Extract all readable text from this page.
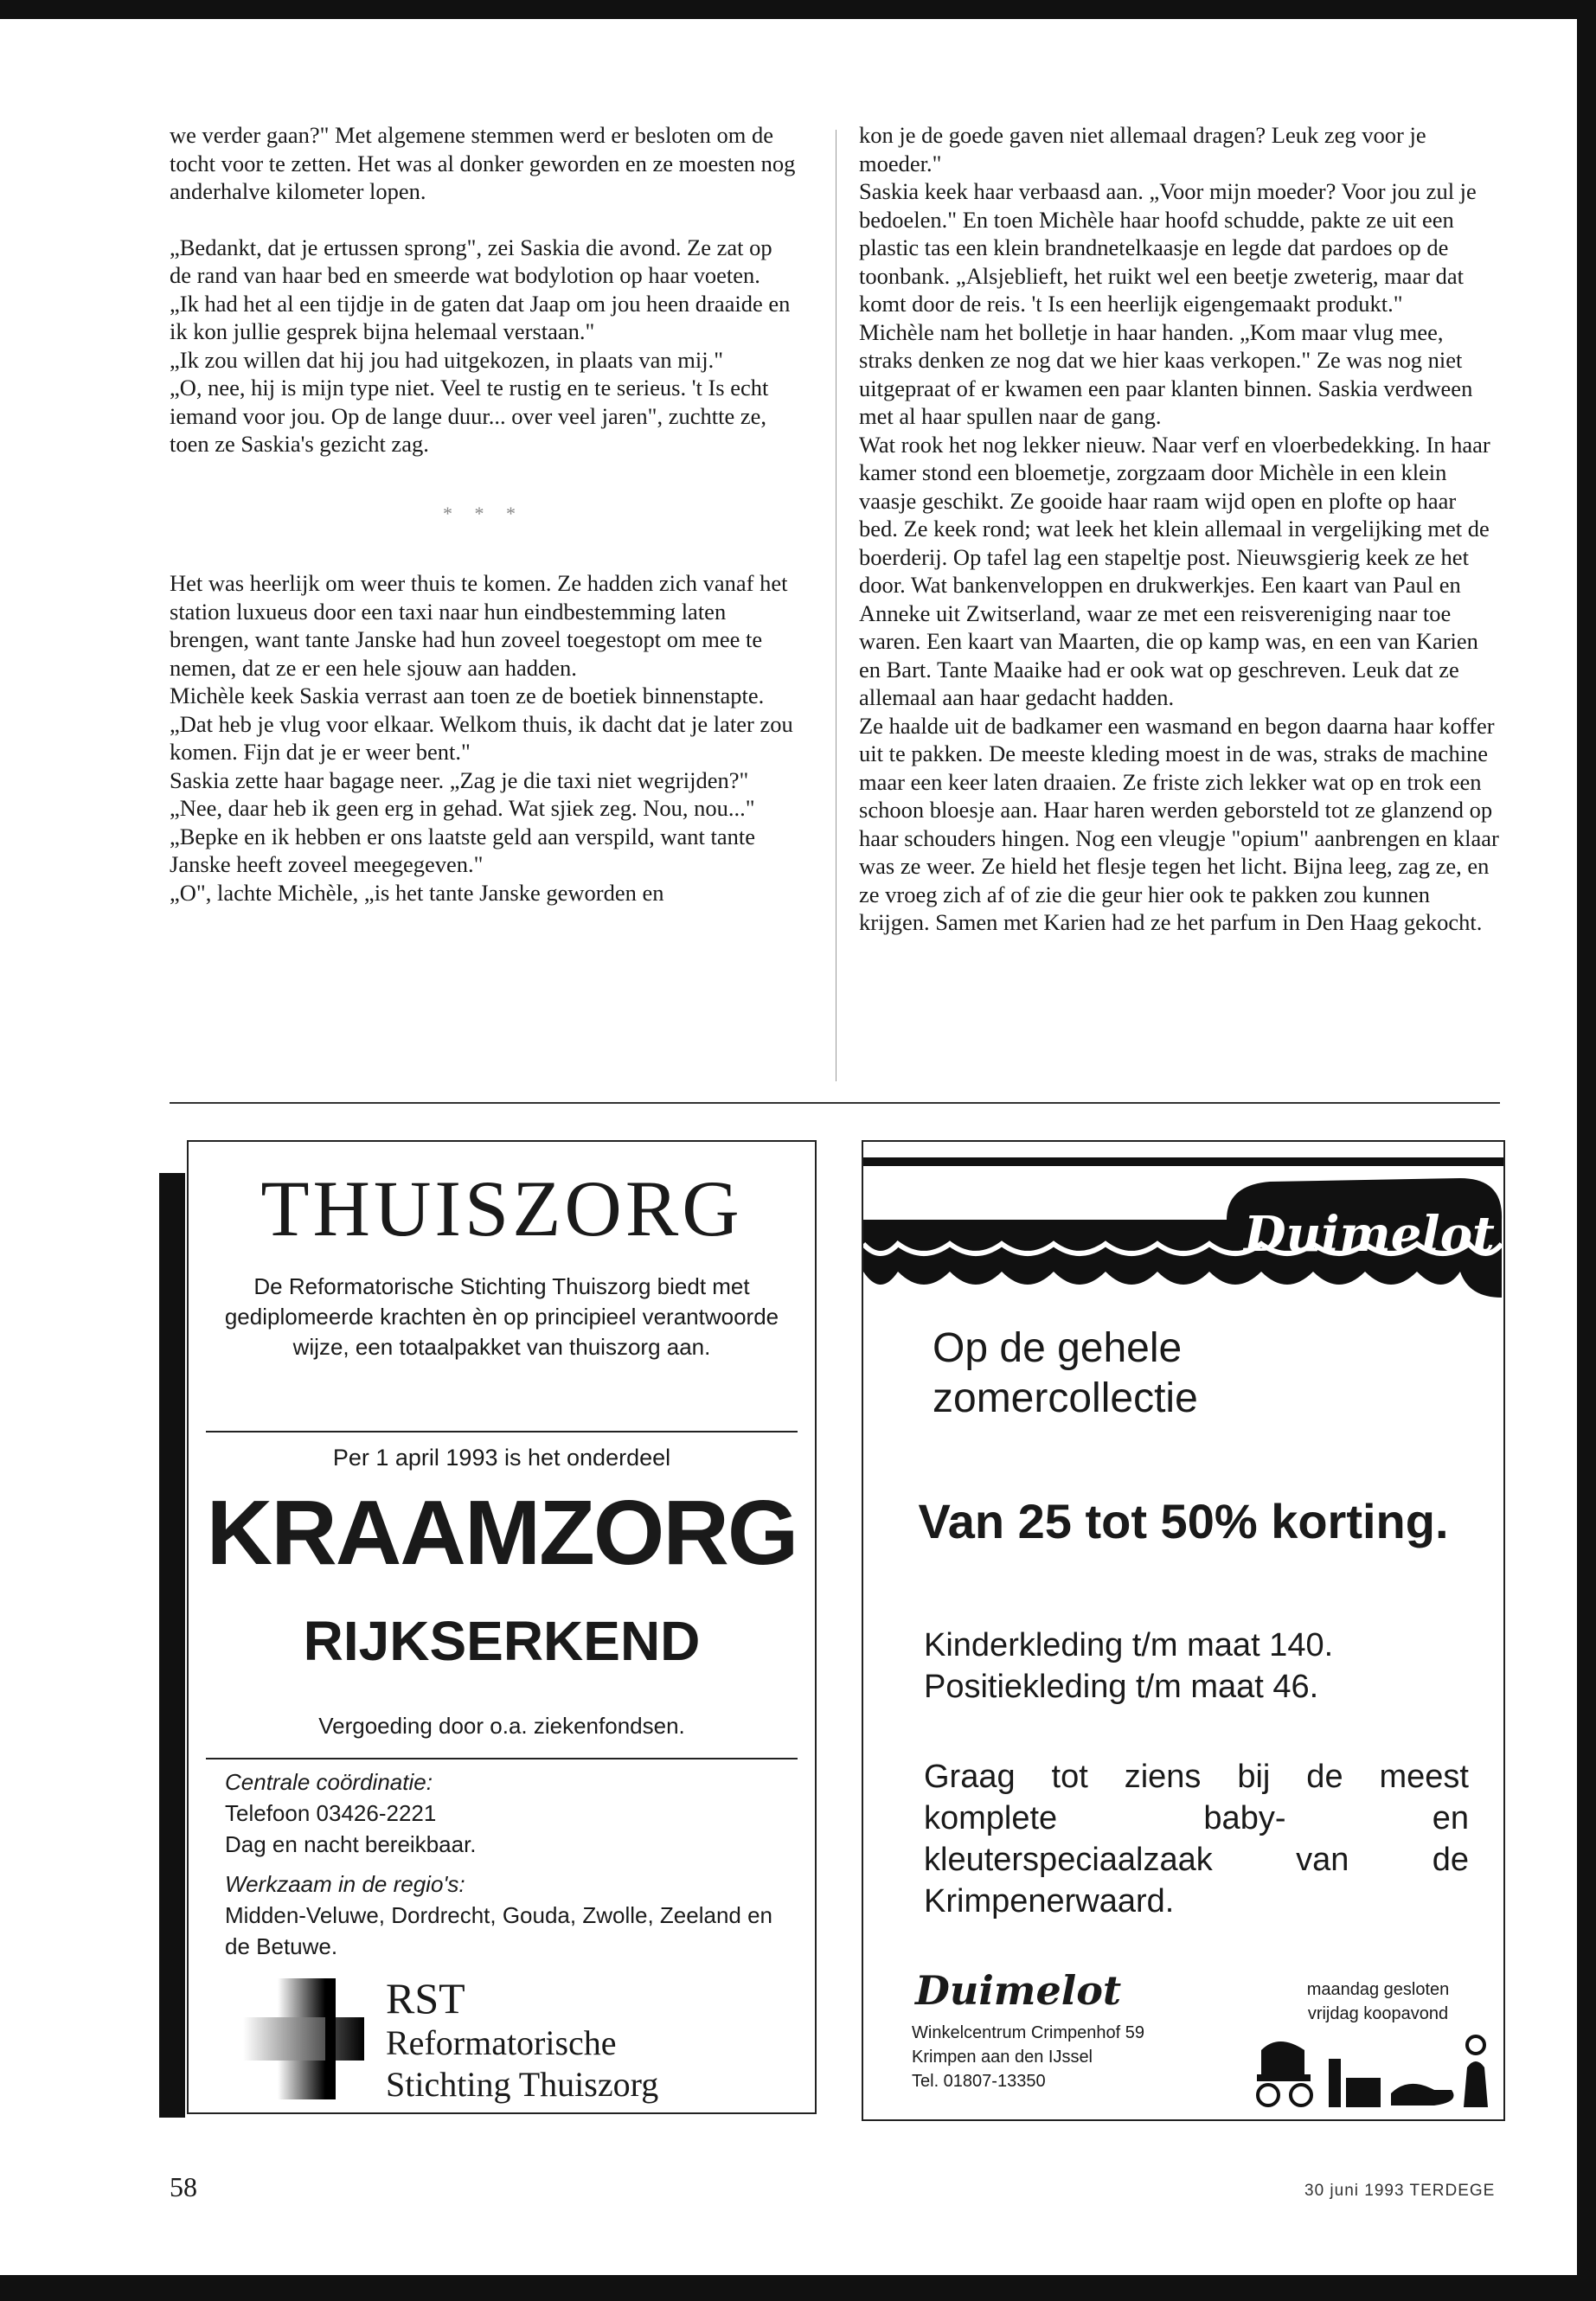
we verder gaan?" Met algemene stemmen werd er besloten om de tocht voor te zetten. Het was al donker geworden en ze moesten nog anderhalve kilometer lopen.

„Bedankt, dat je ertussen sprong", zei Saskia die avond. Ze zat op de rand van haar bed en smeerde wat bodylotion op haar voeten.

„Ik had het al een tijdje in de gaten dat Jaap om jou heen draaide en ik kon jullie gesprek bijna helemaal verstaan."

„Ik zou willen dat hij jou had uitgekozen, in plaats van mij."

„O, nee, hij is mijn type niet. Veel te rustig en te serieus. 't Is echt iemand voor jou. Op de lange duur... over veel jaren", zuchtte ze, toen ze Saskia's gezicht zag.

* * *

Het was heerlijk om weer thuis te komen. Ze hadden zich vanaf het station luxueus door een taxi naar hun eindbestemming laten brengen, want tante Janske had hun zoveel toegestopt om mee te nemen, dat ze er een hele sjouw aan hadden.

Michèle keek Saskia verrast aan toen ze de boetiek binnenstapte. „Dat heb je vlug voor elkaar. Welkom thuis, ik dacht dat je later zou komen. Fijn dat je er weer bent."

Saskia zette haar bagage neer. „Zag je die taxi niet wegrijden?"

„Nee, daar heb ik geen erg in gehad. Wat sjiek zeg. Nou, nou..."

„Bepke en ik hebben er ons laatste geld aan verspild, want tante Janske heeft zoveel meegegeven."

„O", lachte Michèle, „is het tante Janske geworden en

kon je de goede gaven niet allemaal dragen? Leuk zeg voor je moeder."

Saskia keek haar verbaasd aan. „Voor mijn moeder? Voor jou zul je bedoelen." En toen Michèle haar hoofd schudde, pakte ze uit een plastic tas een klein brandnetelkaasje en legde dat pardoes op de toonbank. „Alsjeblieft, het ruikt wel een beetje zweterig, maar dat komt door de reis. 't Is een heerlijk eigengemaakt produkt."

Michèle nam het bolletje in haar handen. „Kom maar vlug mee, straks denken ze nog dat we hier kaas verkopen." Ze was nog niet uitgepraat of er kwamen een paar klanten binnen. Saskia verdween met al haar spullen naar de gang.

Wat rook het nog lekker nieuw. Naar verf en vloerbedekking. In haar kamer stond een bloemetje, zorgzaam door Michèle in een klein vaasje geschikt. Ze gooide haar raam wijd open en plofte op haar bed. Ze keek rond; wat leek het klein allemaal in vergelijking met de boerderij. Op tafel lag een stapeltje post. Nieuwsgierig keek ze het door. Wat bankenveloppen en drukwerkjes. Een kaart van Paul en Anneke uit Zwitserland, waar ze met een reisvereniging naar toe waren. Een kaart van Maarten, die op kamp was, en een van Karien en Bart. Tante Maaike had er ook wat op geschreven. Leuk dat ze allemaal aan haar gedacht hadden.

Ze haalde uit de badkamer een wasmand en begon daarna haar koffer uit te pakken. De meeste kleding moest in de was, straks de machine maar een keer laten draaien. Ze friste zich lekker wat op en trok een schoon bloesje aan. Haar haren werden geborsteld tot ze glanzend op haar schouders hingen. Nog een vleugje "opium" aanbrengen en klaar was ze weer. Ze hield het flesje tegen het licht. Bijna leeg, zag ze, en ze vroeg zich af of zie die geur hier ook te pakken zou kunnen krijgen. Samen met Karien had ze het parfum in Den Haag gekocht.

THUISZORG
De Reformatorische Stichting Thuiszorg biedt met gediplomeerde krachten èn op principieel verantwoorde wijze, een totaalpakket van thuiszorg aan.
Per 1 april 1993 is het onderdeel
KRAAMZORG
RIJKSERKEND
Vergoeding door o.a. ziekenfondsen.
Centrale coördinatie:
Telefoon 03426-2221
Dag en nacht bereikbaar.
Werkzaam in de regio's:
Midden-Veluwe, Dordrecht, Gouda, Zwolle, Zeeland en de Betuwe.
RST
Reformatorische
Stichting Thuiszorg
Duimelot
Op de gehele
zomercollectie
Van 25 tot 50% korting.
Kinderkleding t/m maat 140.
Positiekleding t/m maat 46.
Graag tot ziens bij de meest komplete baby- en kleuterspeciaalzaak van de Krimpenerwaard.
Duimelot
Winkelcentrum Crimpenhof 59
Krimpen aan den IJssel
Tel. 01807-13350
maandag gesloten
vrijdag koopavond
58	30 juni 1993 TERDEGE
